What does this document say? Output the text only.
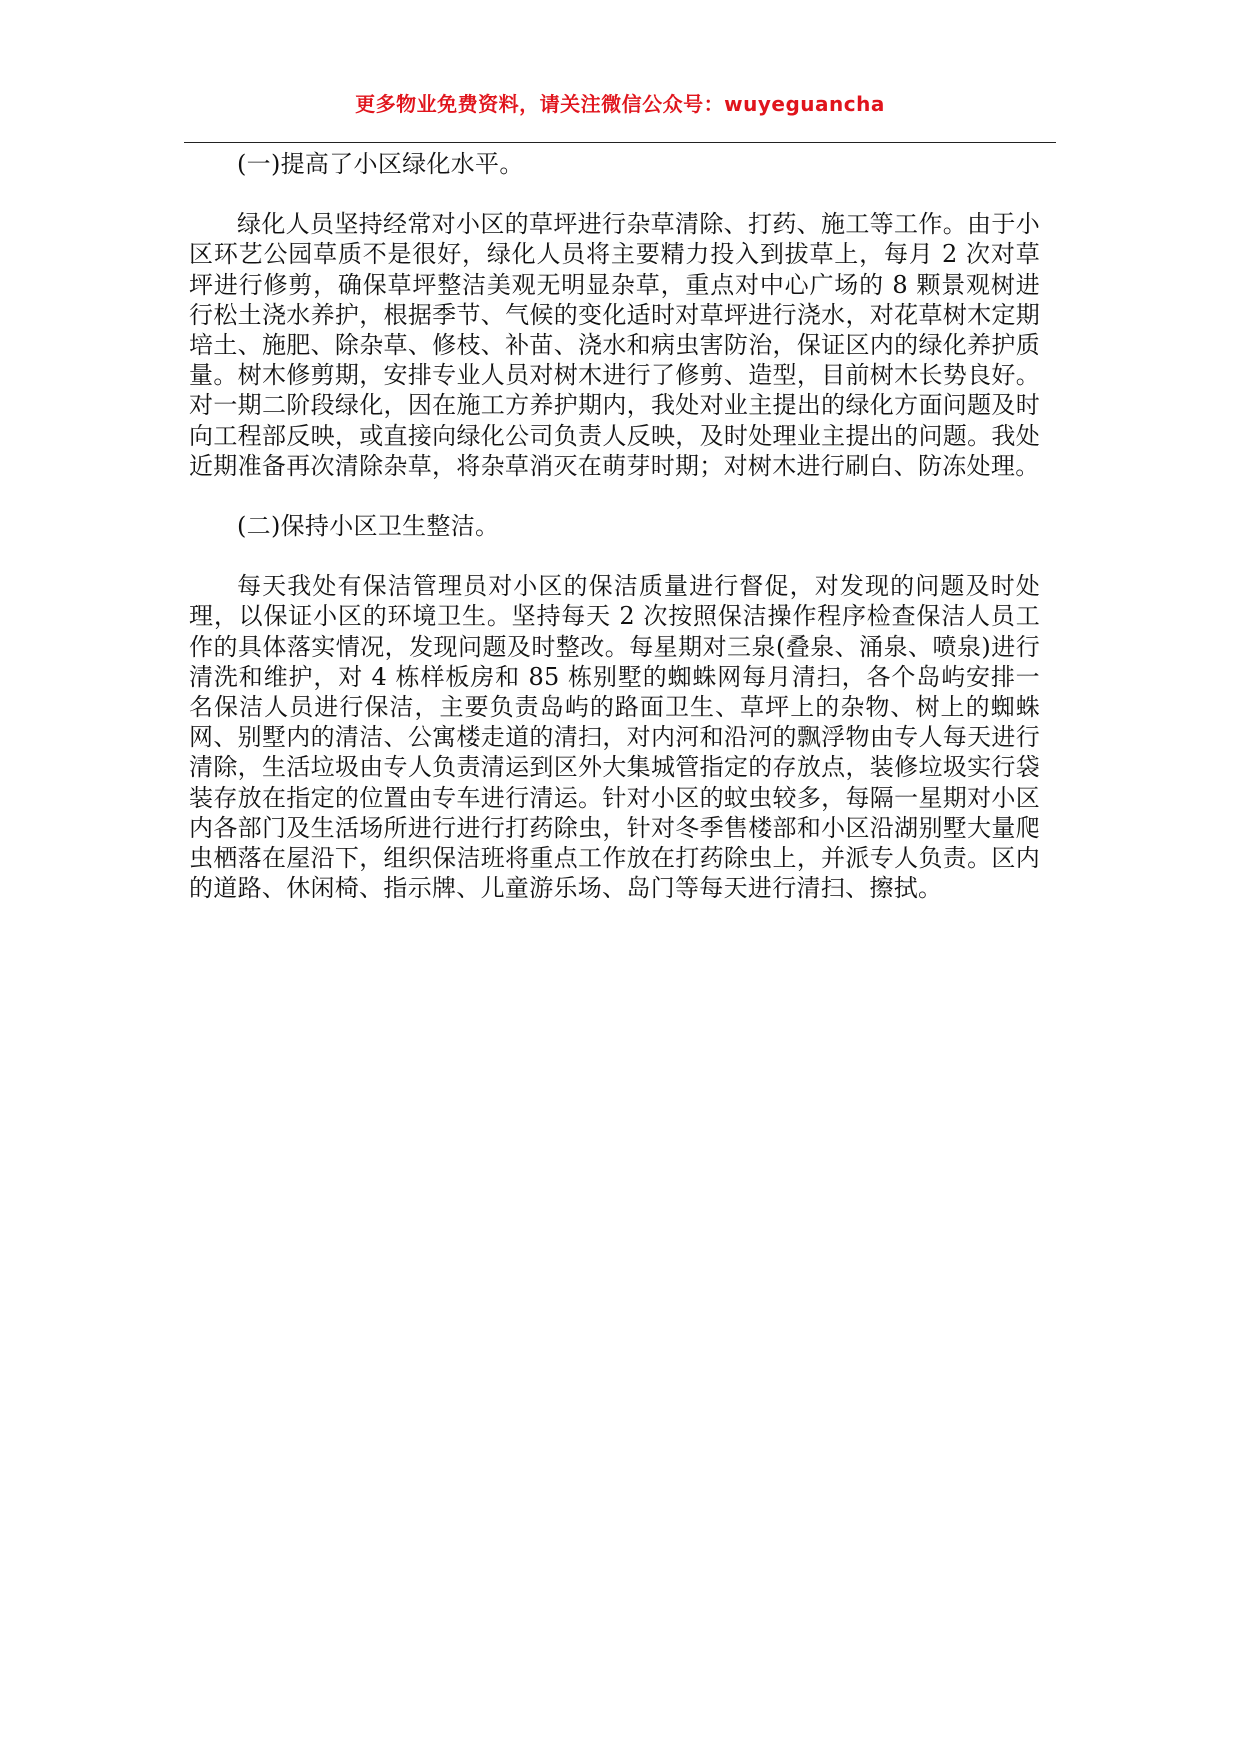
更多物业免费资料，请关注微信公众号：wuyeguancha

(一)提高了小区绿化水平。

绿化人员坚持经常对小区的草坪进行杂草清除、打药、施工等工作。由于小区环艺公园草质不是很好，绿化人员将主要精力投入到拔草上，每月 2 次对草坪进行修剪，确保草坪整洁美观无明显杂草，重点对中心广场的 8 颗景观树进行松土浇水养护，根据季节、气候的变化适时对草坪进行浇水，对花草树木定期培土、施肥、除杂草、修枝、补苗、浇水和病虫害防治，保证区内的绿化养护质量。树木修剪期，安排专业人员对树木进行了修剪、造型，目前树木长势良好。对一期二阶段绿化，因在施工方养护期内，我处对业主提出的绿化方面问题及时向工程部反映，或直接向绿化公司负责人反映，及时处理业主提出的问题。我处近期准备再次清除杂草，将杂草消灭在萌芽时期；对树木进行刷白、防冻处理。

(二)保持小区卫生整洁。

每天我处有保洁管理员对小区的保洁质量进行督促，对发现的问题及时处理，以保证小区的环境卫生。坚持每天 2 次按照保洁操作程序检查保洁人员工作的具体落实情况，发现问题及时整改。每星期对三泉(叠泉、涌泉、喷泉)进行清洗和维护，对 4 栋样板房和 85 栋别墅的蜘蛛网每月清扫，各个岛屿安排一名保洁人员进行保洁，主要负责岛屿的路面卫生、草坪上的杂物、树上的蜘蛛网、别墅内的清洁、公寓楼走道的清扫，对内河和沿河的飘浮物由专人每天进行清除，生活垃圾由专人负责清运到区外大集城管指定的存放点，装修垃圾实行袋装存放在指定的位置由专车进行清运。针对小区的蚊虫较多，每隔一星期对小区内各部门及生活场所进行进行打药除虫，针对冬季售楼部和小区沿湖别墅大量爬虫栖落在屋沿下，组织保洁班将重点工作放在打药除虫上，并派专人负责。区内的道路、休闲椅、指示牌、儿童游乐场、岛门等每天进行清扫、擦拭。
